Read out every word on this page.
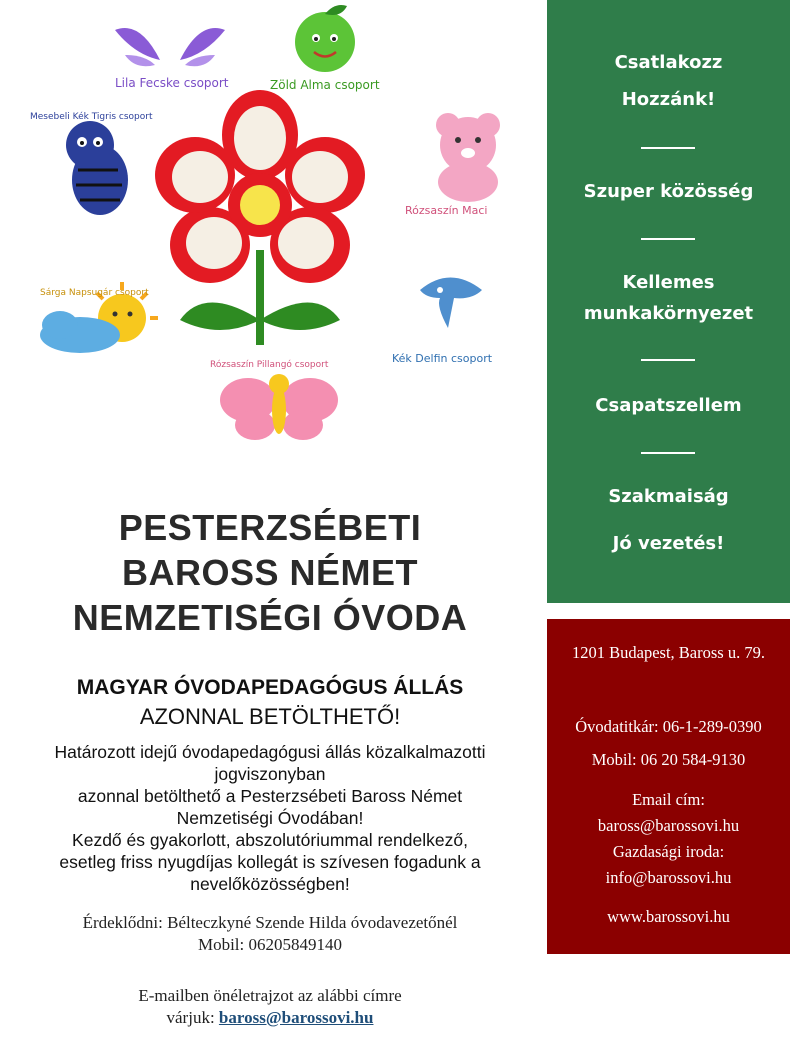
Lila Fecske csoport	Zöld Alma csoport
Mesebeli Kék Tigris csoport
Rózsaszín Maci
Sárga Napsugár csoport
Kék Delfin csoport
Rózsaszín Pillangó csoport
PESTERZSÉBETI
BAROSS NÉMET
NEMZETISÉGI ÓVODA
MAGYAR ÓVODAPEDAGÓGUS ÁLLÁS
AZONNAL BETÖLTHETŐ!
Határozott idejű óvodapedagógusi állás közalkalmazotti
jogviszonyban
azonnal betölthető a Pesterzsébeti Baross Német
Nemzetiségi Óvodában!
Kezdő és gyakorlott, abszolutóriummal rendelkező,
esetleg friss nyugdíjas kollegát is szívesen fogadunk a
nevelőközösségben!
Érdeklődni: Bélteczkyné Szende Hilda óvodavezetőnél
Mobil: 06205849140
E-mailben önéletrajzot az alábbi címre
várjuk: baross@barossovi.hu
Csatlakozz
Hozzánk!
Szuper közösség
Kellemes
munkakörnyezet
Csapatszellem
Szakmaiság
Jó vezetés!
1201 Budapest, Baross u. 79.
Óvodatitkár: 06-1-289-0390
Mobil: 06 20 584-9130
Email cím:
baross@barossovi.hu
Gazdasági iroda:
info@barossovi.hu
www.barossovi.hu
